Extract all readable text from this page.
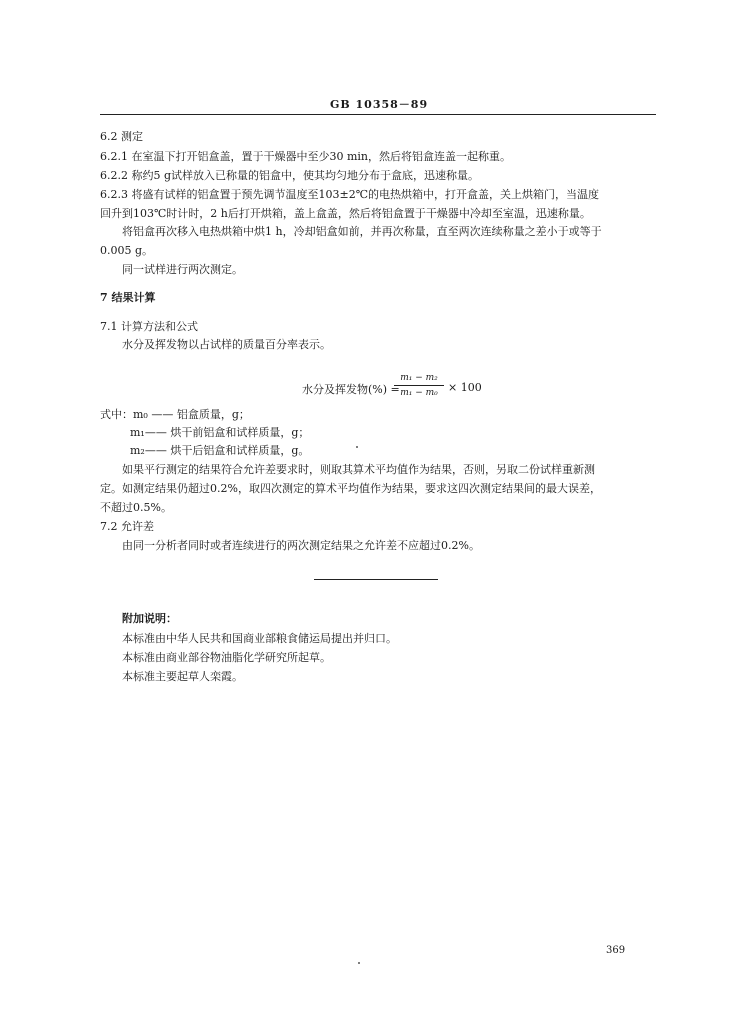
GB 10358－89
6.2 测定
6.2.1 在室温下打开铝盒盖，置于干燥器中至少30 min，然后将铝盒连盖一起称重。
6.2.2 称约5 g试样放入已称量的铝盒中，使其均匀地分布于盒底，迅速称量。
6.2.3 将盛有试样的铝盒置于预先调节温度至103±2℃的电热烘箱中，打开盒盖，关上烘箱门，当温度
回升到103℃时计时，2 h后打开烘箱，盖上盒盖，然后将铝盒置于干燥器中冷却至室温，迅速称量。
将铝盒再次移入电热烘箱中烘1 h，冷却铝盒如前，并再次称量，直至两次连续称量之差小于或等于
0.005 g。
同一试样进行两次测定。
7 结果计算
7.1 计算方法和公式
水分及挥发物以占试样的质量百分率表示。
水分及挥发物(%) =
m₁ − m₂
m₁ − m₀ × 100
式中：m₀ —— 铝盒质量，g；
m₁—— 烘干前铝盒和试样质量，g；
m₂—— 烘干后铝盒和试样质量，g。
如果平行测定的结果符合允许差要求时，则取其算术平均值作为结果，否则，另取二份试样重新测
定。如测定结果仍超过0.2%，取四次测定的算术平均值作为结果，要求这四次测定结果间的最大误差，
不超过0.5%。
7.2 允许差
由同一分析者同时或者连续进行的两次测定结果之允许差不应超过0.2%。
附加说明：
本标准由中华人民共和国商业部粮食储运局提出并归口。
本标准由商业部谷物油脂化学研究所起草。
本标准主要起草人栾霞。
369
